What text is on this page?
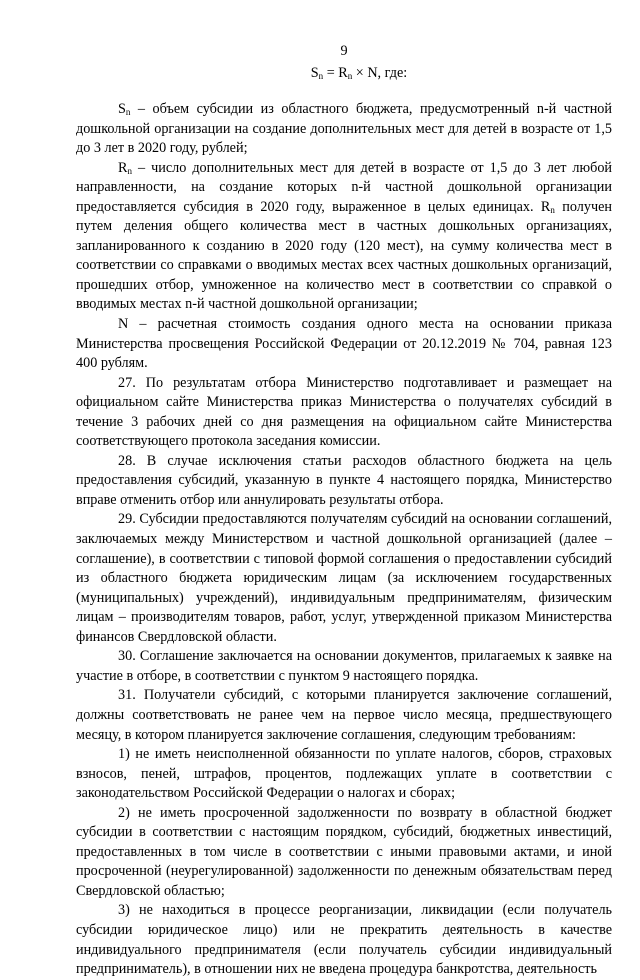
9

$S_n = R_n \times N$, где:

$S_n$ – объем субсидии из областного бюджета, предусмотренный n-й частной дошкольной организации на создание дополнительных мест для детей в возрасте от 1,5 до 3 лет в 2020 году, рублей;

$R_n$ – число дополнительных мест для детей в возрасте от 1,5 до 3 лет любой направленности, на создание которых n-й частной дошкольной организации предоставляется субсидия в 2020 году, выраженное в целых единицах. $R_n$ получен путем деления общего количества мест в частных дошкольных организациях, запланированного к созданию в 2020 году (120 мест), на сумму количества мест в соответствии со справками о вводимых местах всех частных дошкольных организаций, прошедших отбор, умноженное на количество мест в соответствии со справкой о вводимых местах n-й частной дошкольной организации;

N – расчетная стоимость создания одного места на основании приказа Министерства просвещения Российской Федерации от 20.12.2019 № 704, равная 123 400 рублям.

27. По результатам отбора Министерство подготавливает и размещает на официальном сайте Министерства приказ Министерства о получателях субсидий в течение 3 рабочих дней со дня размещения на официальном сайте Министерства соответствующего протокола заседания комиссии.

28. В случае исключения статьи расходов областного бюджета на цель предоставления субсидий, указанную в пункте 4 настоящего порядка, Министерство вправе отменить отбор или аннулировать результаты отбора.

29. Субсидии предоставляются получателям субсидий на основании соглашений, заключаемых между Министерством и частной дошкольной организацией (далее – соглашение), в соответствии с типовой формой соглашения о предоставлении субсидий из областного бюджета юридическим лицам (за исключением государственных (муниципальных) учреждений), индивидуальным предпринимателям, физическим лицам – производителям товаров, работ, услуг, утвержденной приказом Министерства финансов Свердловской области.

30. Соглашение заключается на основании документов, прилагаемых к заявке на участие в отборе, в соответствии с пунктом 9 настоящего порядка.

31. Получатели субсидий, с которыми планируется заключение соглашений, должны соответствовать не ранее чем на первое число месяца, предшествующего месяцу, в котором планируется заключение соглашения, следующим требованиям:

1) не иметь неисполненной обязанности по уплате налогов, сборов, страховых взносов, пеней, штрафов, процентов, подлежащих уплате в соответствии с законодательством Российской Федерации о налогах и сборах;

2) не иметь просроченной задолженности по возврату в областной бюджет субсидии в соответствии с настоящим порядком, субсидий, бюджетных инвестиций, предоставленных в том числе в соответствии с иными правовыми актами, и иной просроченной (неурегулированной) задолженности по денежным обязательствам перед Свердловской областью;

3) не находиться в процессе реорганизации, ликвидации (если получатель субсидии юридическое лицо) или не прекратить деятельность в качестве индивидуального предпринимателя (если получатель субсидии индивидуальный предприниматель), в отношении них не введена процедура банкротства, деятельность
